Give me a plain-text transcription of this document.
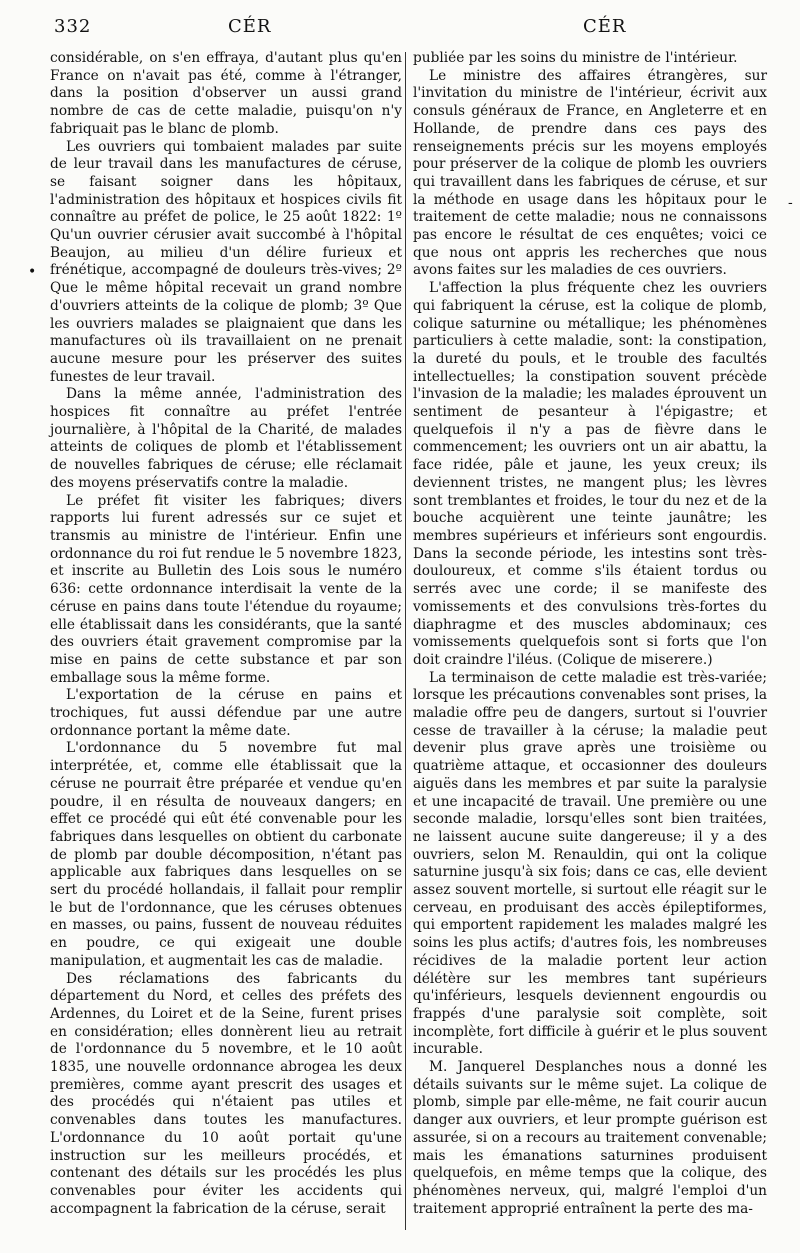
332	CÉR	CÉR
•
-

considérable, on s'en effraya, d'autant plus qu'en France on n'avait pas été, comme à l'étranger, dans la position d'observer un aussi grand nombre de cas de cette maladie, puisqu'on n'y fabriquait pas le blanc de plomb.

Les ouvriers qui tombaient malades par suite de leur travail dans les manufactures de céruse, se faisant soigner dans les hôpitaux, l'administration des hôpitaux et hospices civils fit connaître au préfet de police, le 25 août 1822: 1º Qu'un ouvrier cérusier avait succombé à l'hôpital Beaujon, au milieu d'un délire furieux et frénétique, accompagné de douleurs très-vives; 2º Que le même hôpital recevait un grand nombre d'ouvriers atteints de la colique de plomb; 3º Que les ouvriers malades se plaignaient que dans les manufactures où ils travaillaient on ne prenait aucune mesure pour les préserver des suites funestes de leur travail.

Dans la même année, l'administration des hospices fit connaître au préfet l'entrée journalière, à l'hôpital de la Charité, de malades atteints de coliques de plomb et l'établissement de nouvelles fabriques de céruse; elle réclamait des moyens préservatifs contre la maladie.

Le préfet fit visiter les fabriques; divers rapports lui furent adressés sur ce sujet et transmis au ministre de l'intérieur. Enfin une ordonnance du roi fut rendue le 5 novembre 1823, et inscrite au Bulletin des Lois sous le numéro 636: cette ordonnance interdisait la vente de la céruse en pains dans toute l'étendue du royaume; elle établissait dans les considérants, que la santé des ouvriers était gravement compromise par la mise en pains de cette substance et par son emballage sous la même forme.

L'exportation de la céruse en pains et trochiques, fut aussi défendue par une autre ordonnance portant la même date.

L'ordonnance du 5 novembre fut mal interprétée, et, comme elle établissait que la céruse ne pourrait être préparée et vendue qu'en poudre, il en résulta de nouveaux dangers; en effet ce procédé qui eût été convenable pour les fabriques dans lesquelles on obtient du carbonate de plomb par double décomposition, n'étant pas applicable aux fabriques dans lesquelles on se sert du procédé hollandais, il fallait pour remplir le but de l'ordonnance, que les céruses obtenues en masses, ou pains, fussent de nouveau réduites en poudre, ce qui exigeait une double manipulation, et augmentait les cas de maladie.

Des réclamations des fabricants du département du Nord, et celles des préfets des Ardennes, du Loiret et de la Seine, furent prises en considération; elles donnèrent lieu au retrait de l'ordonnance du 5 novembre, et le 10 août 1835, une nouvelle ordonnance abrogea les deux premières, comme ayant prescrit des usages et des procédés qui n'étaient pas utiles et convenables dans toutes les manufactures. L'ordonnance du 10 août portait qu'une instruction sur les meilleurs procédés, et contenant des détails sur les procédés les plus convenables pour éviter les accidents qui accompagnent la fabrication de la céruse, serait

publiée par les soins du ministre de l'intérieur.

Le ministre des affaires étrangères, sur l'invitation du ministre de l'intérieur, écrivit aux consuls généraux de France, en Angleterre et en Hollande, de prendre dans ces pays des renseignements précis sur les moyens employés pour préserver de la colique de plomb les ouvriers qui travaillent dans les fabriques de céruse, et sur la méthode en usage dans les hôpitaux pour le traitement de cette maladie; nous ne connaissons pas encore le résultat de ces enquêtes; voici ce que nous ont appris les recherches que nous avons faites sur les maladies de ces ouvriers.

L'affection la plus fréquente chez les ouvriers qui fabriquent la céruse, est la colique de plomb, colique saturnine ou métallique; les phénomènes particuliers à cette maladie, sont: la constipation, la dureté du pouls, et le trouble des facultés intellectuelles; la constipation souvent précède l'invasion de la maladie; les malades éprouvent un sentiment de pesanteur à l'épigastre; et quelquefois il n'y a pas de fièvre dans le commencement; les ouvriers ont un air abattu, la face ridée, pâle et jaune, les yeux creux; ils deviennent tristes, ne mangent plus; les lèvres sont tremblantes et froides, le tour du nez et de la bouche acquièrent une teinte jaunâtre; les membres supérieurs et inférieurs sont engourdis. Dans la seconde période, les intestins sont très-douloureux, et comme s'ils étaient tordus ou serrés avec une corde; il se manifeste des vomissements et des convulsions très-fortes du diaphragme et des muscles abdominaux; ces vomissements quelquefois sont si forts que l'on doit craindre l'iléus. (Colique de miserere.)

La terminaison de cette maladie est très-variée; lorsque les précautions convenables sont prises, la maladie offre peu de dangers, surtout si l'ouvrier cesse de travailler à la céruse; la maladie peut devenir plus grave après une troisième ou quatrième attaque, et occasionner des douleurs aiguës dans les membres et par suite la paralysie et une incapacité de travail. Une première ou une seconde maladie, lorsqu'elles sont bien traitées, ne laissent aucune suite dangereuse; il y a des ouvriers, selon M. Renauldin, qui ont la colique saturnine jusqu'à six fois; dans ce cas, elle devient assez souvent mortelle, si surtout elle réagit sur le cerveau, en produisant des accès épileptiformes, qui emportent rapidement les malades malgré les soins les plus actifs; d'autres fois, les nombreuses récidives de la maladie portent leur action délétère sur les membres tant supérieurs qu'inférieurs, lesquels deviennent engourdis ou frappés d'une paralysie soit complète, soit incomplète, fort difficile à guérir et le plus souvent incurable.

M. Janquerel Desplanches nous a donné les détails suivants sur le même sujet. La colique de plomb, simple par elle-même, ne fait courir aucun danger aux ouvriers, et leur prompte guérison est assurée, si on a recours au traitement convenable; mais les émanations saturnines produisent quelquefois, en même temps que la colique, des phénomènes nerveux, qui, malgré l'emploi d'un traitement approprié entraînent la perte des ma-
